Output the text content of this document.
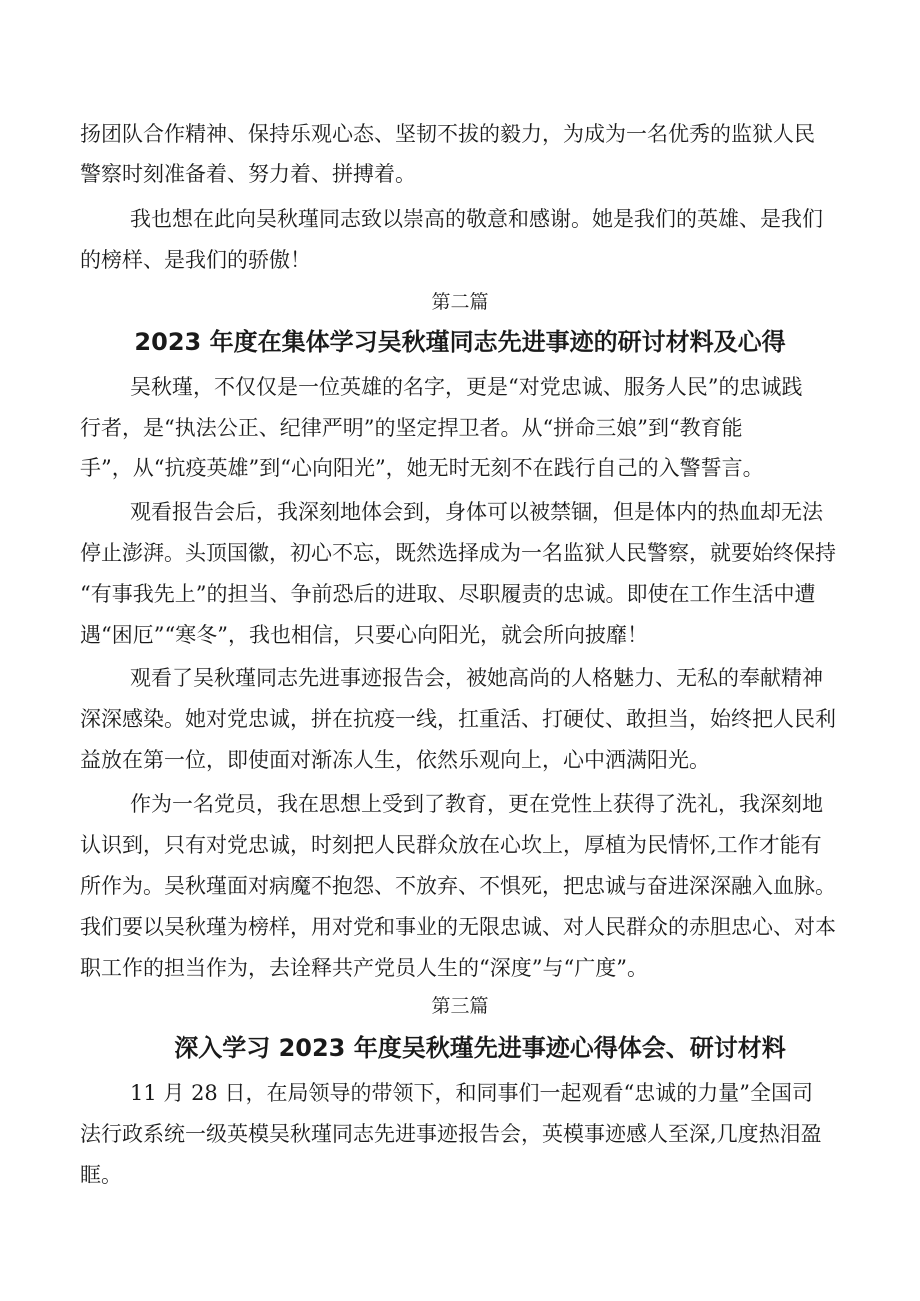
扬团队合作精神、保持乐观心态、坚韧不拔的毅力，为成为一名优秀的监狱人民
警察时刻准备着、努力着、拼搏着。
我也想在此向吴秋瑾同志致以崇高的敬意和感谢。她是我们的英雄、是我们
的榜样、是我们的骄傲！
第二篇
2023 年度在集体学习吴秋瑾同志先进事迹的研讨材料及心得
吴秋瑾，不仅仅是一位英雄的名字，更是“对党忠诚、服务人民”的忠诚践
行者，是“执法公正、纪律严明”的坚定捍卫者。从“拼命三娘”到“教育能
手”，从“抗疫英雄”到“心向阳光”，她无时无刻不在践行自己的入警誓言。
观看报告会后，我深刻地体会到，身体可以被禁锢，但是体内的热血却无法
停止澎湃。头顶国徽，初心不忘，既然选择成为一名监狱人民警察，就要始终保持
“有事我先上”的担当、争前恐后的进取、尽职履责的忠诚。即使在工作生活中遭
遇“困厄”“寒冬”，我也相信，只要心向阳光，就会所向披靡！
观看了吴秋瑾同志先进事迹报告会，被她高尚的人格魅力、无私的奉献精神
深深感染。她对党忠诚，拼在抗疫一线，扛重活、打硬仗、敢担当，始终把人民利
益放在第一位，即使面对渐冻人生，依然乐观向上，心中洒满阳光。
作为一名党员，我在思想上受到了教育，更在党性上获得了洗礼，我深刻地
认识到，只有对党忠诚，时刻把人民群众放在心坎上，厚植为民情怀,工作才能有
所作为。吴秋瑾面对病魔不抱怨、不放弃、不惧死，把忠诚与奋进深深融入血脉。
我们要以吴秋瑾为榜样，用对党和事业的无限忠诚、对人民群众的赤胆忠心、对本
职工作的担当作为，去诠释共产党员人生的“深度”与“广度”。
第三篇
深入学习 2023 年度吴秋瑾先进事迹心得体会、研讨材料
11 月 28 日，在局领导的带领下，和同事们一起观看“忠诚的力量”全国司
法行政系统一级英模吴秋瑾同志先进事迹报告会，英模事迹感人至深,几度热泪盈
眶。
